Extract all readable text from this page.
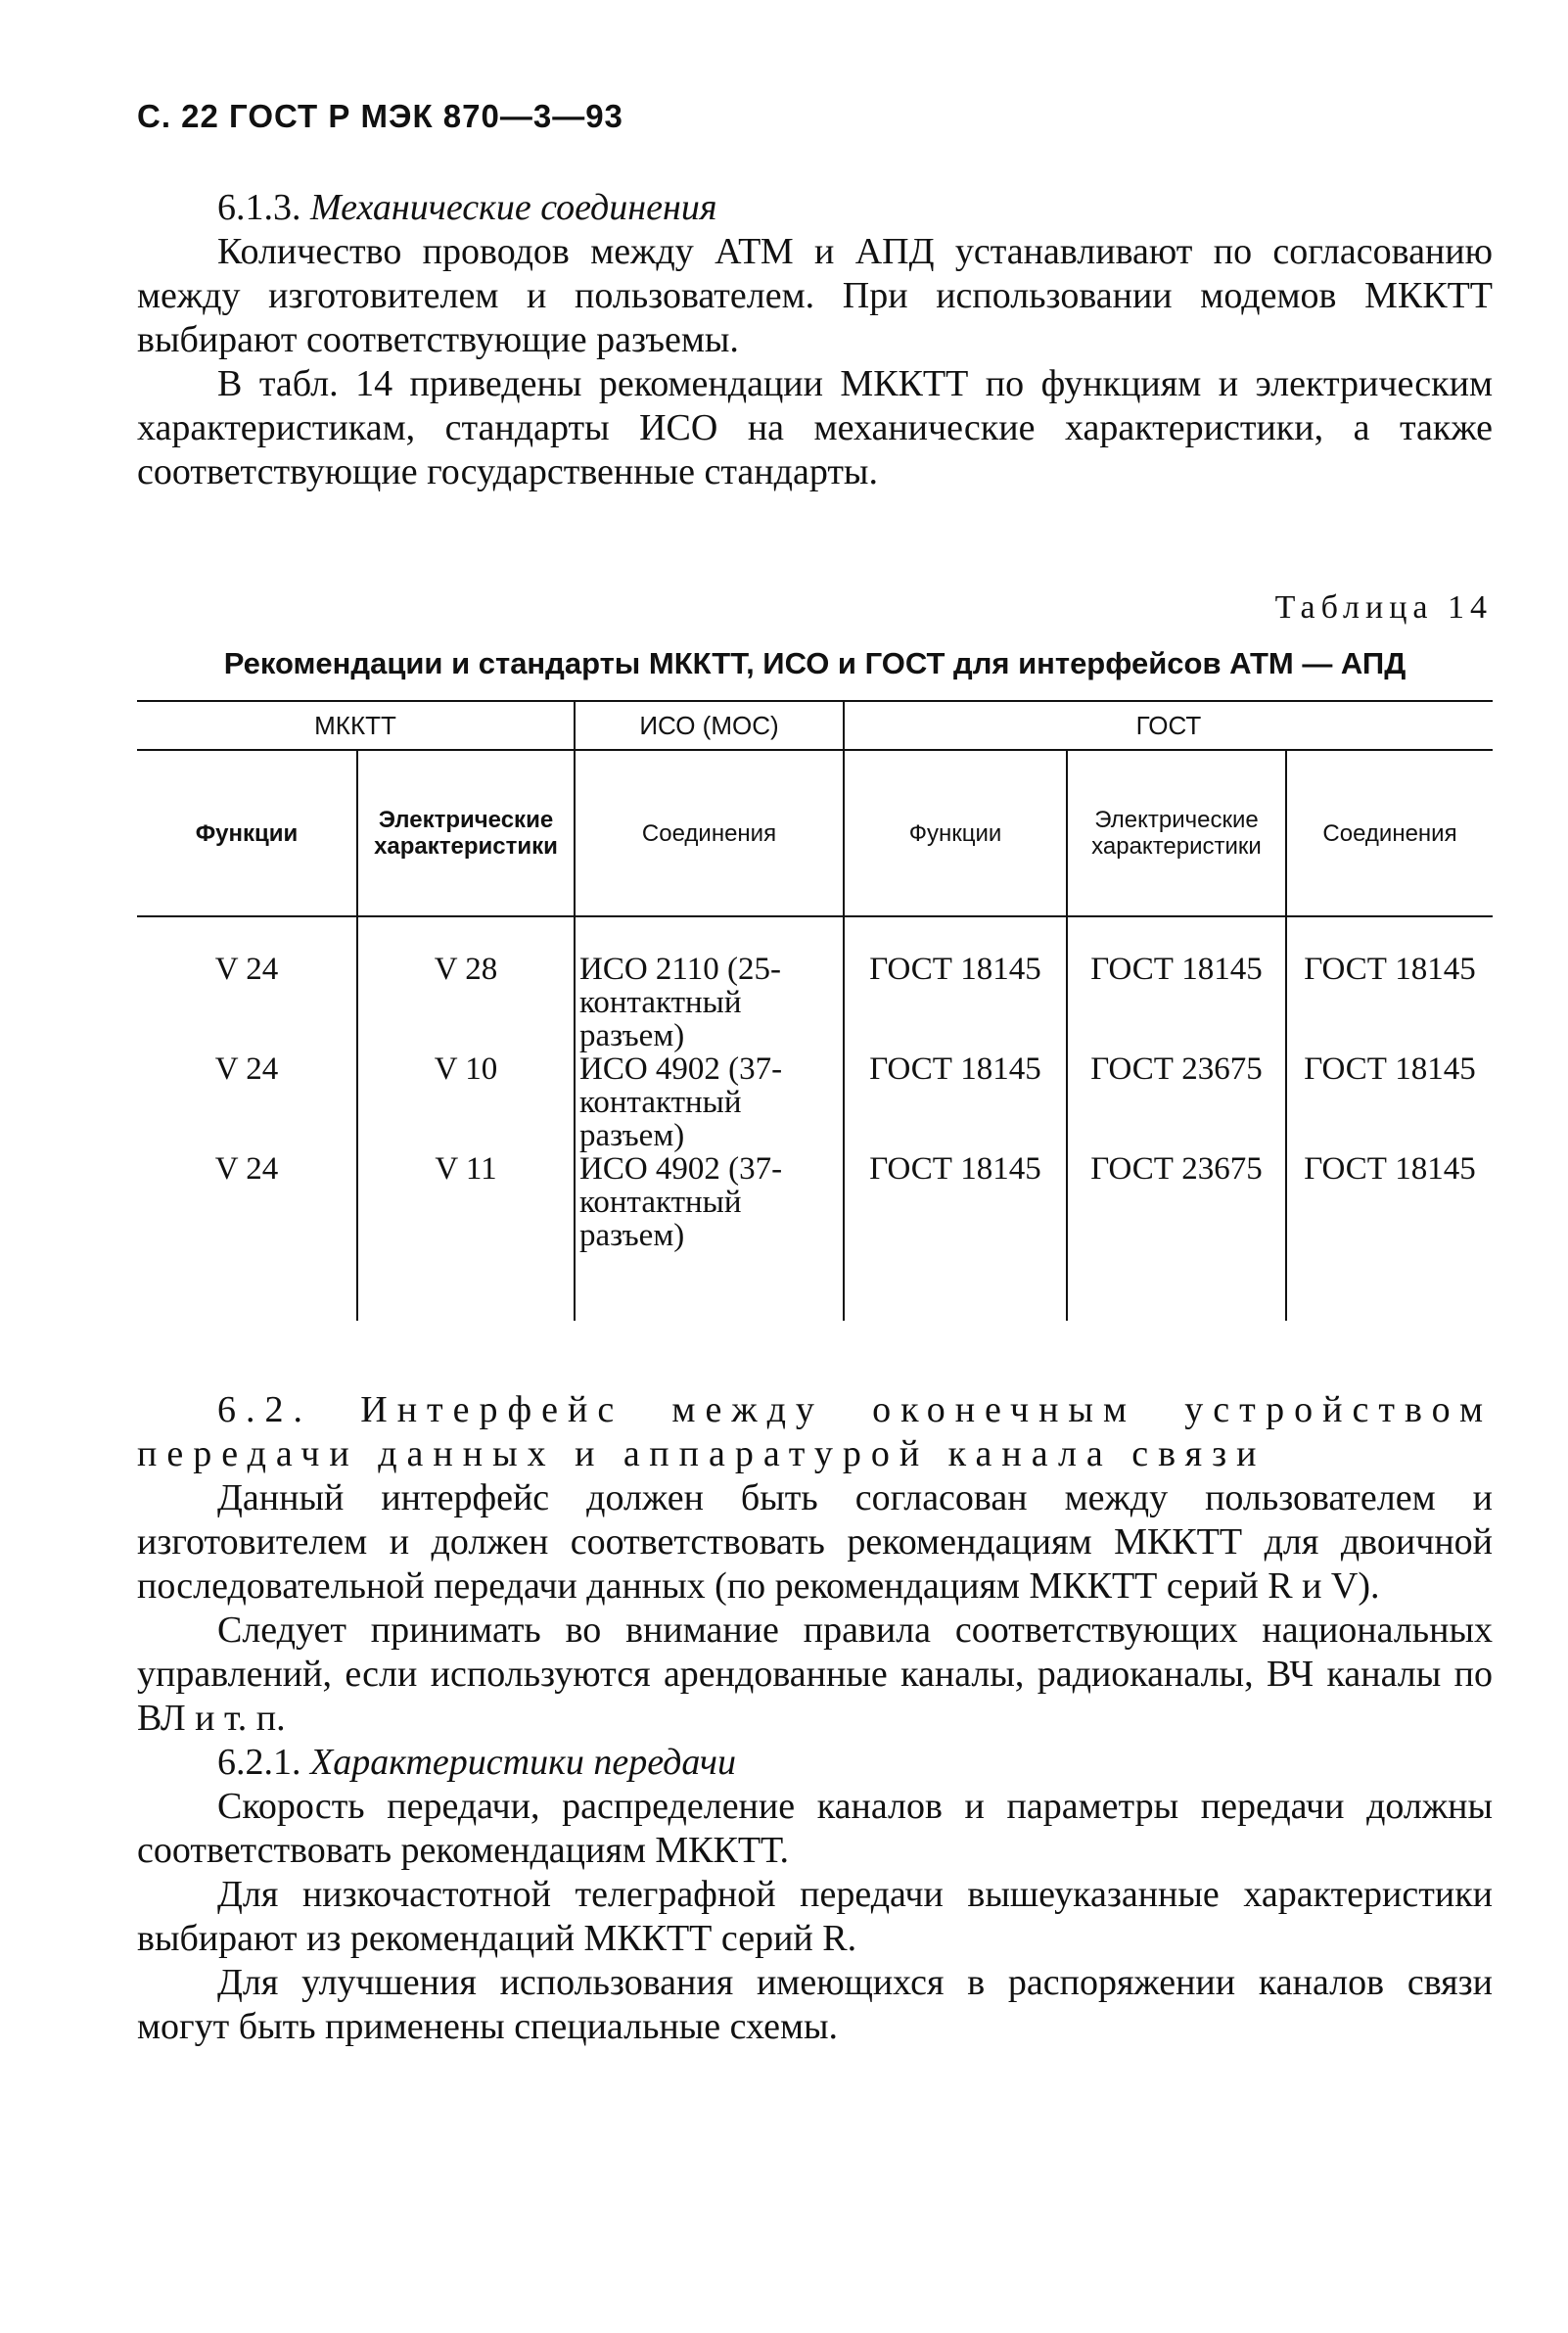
С. 22 ГОСТ Р МЭК 870—3—93

6.1.3. Механические соединения

Количество проводов между АТМ и АПД устанавливают по согласованию между изготовителем и пользователем. При использовании модемов МККТТ выбирают соответствующие разъемы.

В табл. 14 приведены рекомендации МККТТ по функциям и электрическим характеристикам, стандарты ИСО на механические характеристики, а также соответствующие государственные стандарты.

Таблица 14
Рекомендации и стандарты МККТТ, ИСО и ГОСТ для интерфейсов АТМ — АПД
МККТТ		ИСО (МОС)	ГОСТ		
Функции	Электрические характеристики	Соединения	Функции	Электрические характеристики	Соединения
V 24	V 28	ИСО 2110 (25-контактный разъем)	ГОСТ 18145	ГОСТ 18145	ГОСТ 18145
V 24	V 10	ИСО 4902 (37-контактный разъем)	ГОСТ 18145	ГОСТ 23675	ГОСТ 18145
V 24	V 11	ИСО 4902 (37-контактный разъем)	ГОСТ 18145	ГОСТ 23675	ГОСТ 18145

6.2. Интерфейс между оконечным устройством передачи данных и аппаратурой канала связи

Данный интерфейс должен быть согласован между пользователем и изготовителем и должен соответствовать рекомендациям МККТТ для двоичной последовательной передачи данных (по рекомендациям МККТТ серий R и V).

Следует принимать во внимание правила соответствующих национальных управлений, если используются арендованные каналы, радиоканалы, ВЧ каналы по ВЛ и т. п.

6.2.1. Характеристики передачи

Скорость передачи, распределение каналов и параметры передачи должны соответствовать рекомендациям МККТТ.

Для низкочастотной телеграфной передачи вышеуказанные характеристики выбирают из рекомендаций МККТТ серий R.

Для улучшения использования имеющихся в распоряжении каналов связи могут быть применены специальные схемы.
